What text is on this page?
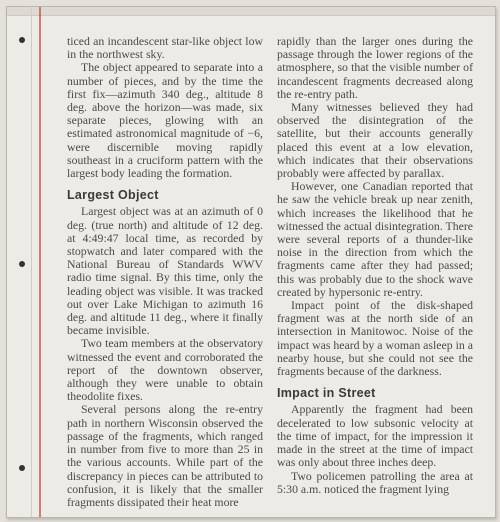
ticed an incandescent star-like object low in the northwest sky.

The object appeared to separate into a number of pieces, and by the time the first fix—azimuth 340 deg., altitude 8 deg. above the horizon—was made, six separate pieces, glowing with an estimated astronomical magnitude of −6, were discernible moving rapidly southeast in a cruciform pattern with the largest body leading the formation.

Largest Object

Largest object was at an azimuth of 0 deg. (true north) and altitude of 12 deg. at 4:49:47 local time, as recorded by stopwatch and later compared with the National Bureau of Standards WWV radio time signal. By this time, only the leading object was visible. It was tracked out over Lake Michigan to azimuth 16 deg. and altitude 11 deg., where it finally became invisible.

Two team members at the observatory witnessed the event and corroborated the report of the downtown observer, although they were unable to obtain theodolite fixes.

Several persons along the re-entry path in northern Wisconsin observed the passage of the fragments, which ranged in number from five to more than 25 in the various accounts. While part of the discrepancy in pieces can be attributed to confusion, it is likely that the smaller fragments dissipated their heat more

rapidly than the larger ones during the passage through the lower regions of the atmosphere, so that the visible number of incandescent fragments decreased along the re-entry path.

Many witnesses believed they had observed the disintegration of the satellite, but their accounts generally placed this event at a low elevation, which indicates that their observations probably were affected by parallax.

However, one Canadian reported that he saw the vehicle break up near zenith, which increases the likelihood that he witnessed the actual disintegration. There were several reports of a thunder-like noise in the direction from which the fragments came after they had passed; this was probably due to the shock wave created by hypersonic re-entry.

Impact point of the disk-shaped fragment was at the north side of an intersection in Manitowoc. Noise of the impact was heard by a woman asleep in a nearby house, but she could not see the fragments because of the darkness.

Impact in Street

Apparently the fragment had been decelerated to low subsonic velocity at the time of impact, for the impression it made in the street at the time of impact was only about three inches deep.

Two policemen patrolling the area at 5:30 a.m. noticed the fragment lying
